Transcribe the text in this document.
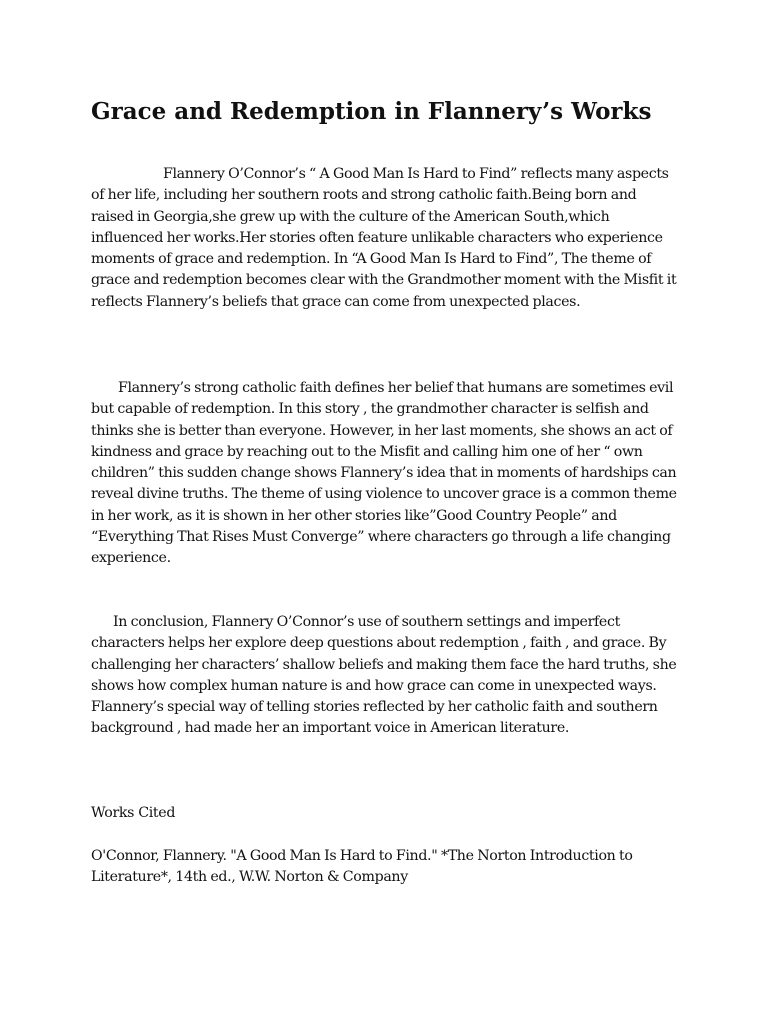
Grace and Redemption in Flannery’s Works

Flannery O’Connor’s “ A Good Man Is Hard to Find” reflects many aspects of her life, including her southern roots and strong catholic faith.Being born and raised in Georgia,she grew up with the culture of the American South,which influenced her works.Her stories often feature unlikable characters who experience moments of grace and redemption. In “A Good Man Is Hard to Find”, The theme of grace and redemption becomes clear with the Grandmother moment with the Misfit it reflects Flannery’s beliefs that grace can come from unexpected places.

Flannery’s strong catholic faith defines her belief that humans are sometimes evil but capable of redemption. In this story , the grandmother character is selfish and thinks she is better than everyone. However, in her last moments, she shows an act of kindness and grace by reaching out to the Misfit and calling him one of her “ own children” this sudden change shows Flannery’s idea that in moments of hardships can reveal divine truths. The theme of using violence to uncover grace is a common theme in her work, as it is shown in her other stories like”Good Country People” and “Everything That Rises Must Converge” where characters go through a life changing experience.

In conclusion, Flannery O’Connor’s use of southern settings and imperfect characters helps her explore deep questions about redemption , faith , and grace. By challenging her characters’ shallow beliefs and making them face the hard truths, she shows how complex human nature is and how grace can come in unexpected ways. Flannery’s special way of telling stories reflected by her catholic faith and southern background , had made her an important voice in American literature.

Works Cited

O'Connor, Flannery. "A Good Man Is Hard to Find." *The Norton Introduction to Literature*, 14th ed., W.W. Norton & Company
